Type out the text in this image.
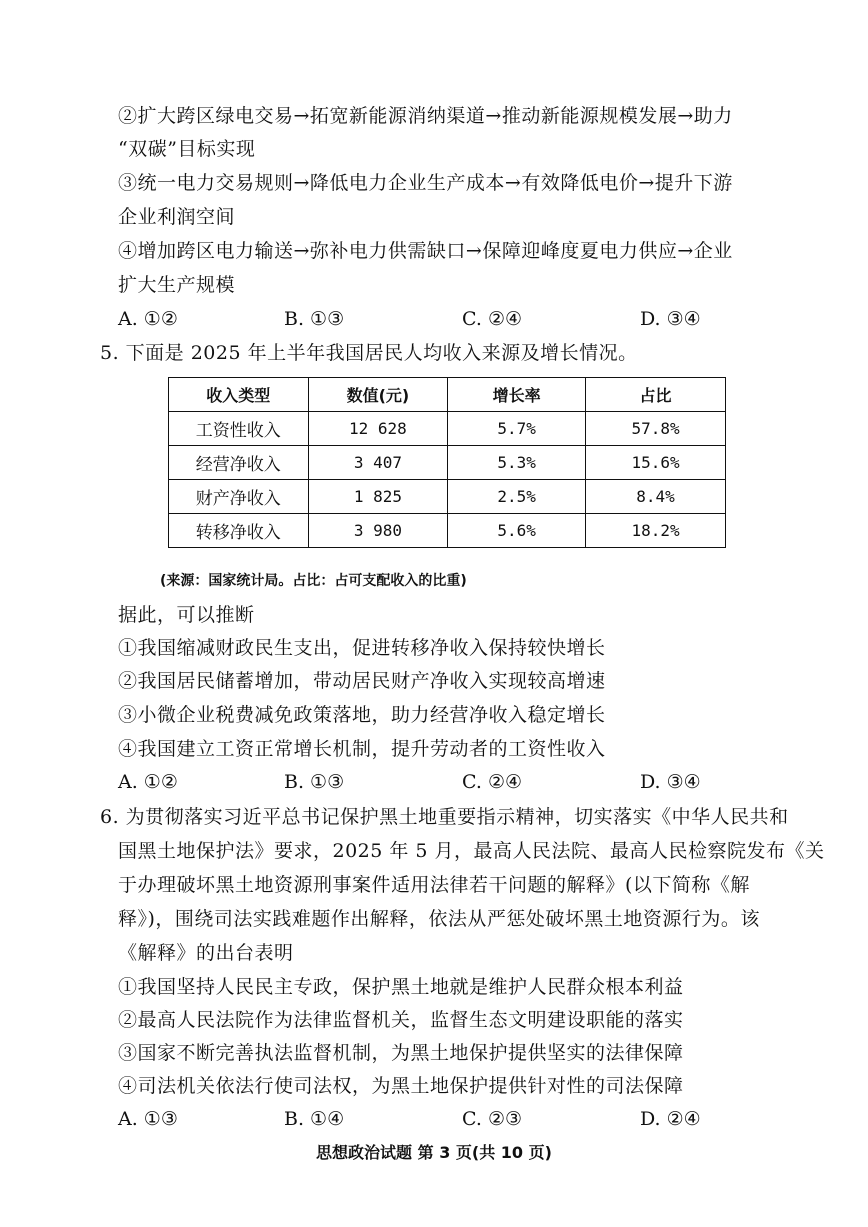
②扩大跨区绿电交易→拓宽新能源消纳渠道→推动新能源规模发展→助力
“双碳”目标实现
③统一电力交易规则→降低电力企业生产成本→有效降低电价→提升下游
企业利润空间
④增加跨区电力输送→弥补电力供需缺口→保障迎峰度夏电力供应→企业
扩大生产规模
A. ①②	B. ①③	C. ②④	D. ③④
5. 下面是 2025 年上半年我国居民人均收入来源及增长情况。
收入类型	数值(元)	增长率	占比
工资性收入	12 628	5.7%	57.8%
经营净收入	3 407	5.3%	15.6%
财产净收入	1 825	2.5%	8.4%
转移净收入	3 980	5.6%	18.2%
(来源：国家统计局。占比：占可支配收入的比重)
据此，可以推断
①我国缩减财政民生支出，促进转移净收入保持较快增长
②我国居民储蓄增加，带动居民财产净收入实现较高增速
③小微企业税费减免政策落地，助力经营净收入稳定增长
④我国建立工资正常增长机制，提升劳动者的工资性收入
A. ①②	B. ①③	C. ②④	D. ③④
6. 为贯彻落实习近平总书记保护黑土地重要指示精神，切实落实《中华人民共和
国黑土地保护法》要求，2025 年 5 月，最高人民法院、最高人民检察院发布《关
于办理破坏黑土地资源刑事案件适用法律若干问题的解释》(以下简称《解
释》)，围绕司法实践难题作出解释，依法从严惩处破坏黑土地资源行为。该
《解释》的出台表明
①我国坚持人民民主专政，保护黑土地就是维护人民群众根本利益
②最高人民法院作为法律监督机关，监督生态文明建设职能的落实
③国家不断完善执法监督机制，为黑土地保护提供坚实的法律保障
④司法机关依法行使司法权，为黑土地保护提供针对性的司法保障
A. ①③	B. ①④	C. ②③	D. ②④
思想政治试题 第 3 页(共 10 页)
